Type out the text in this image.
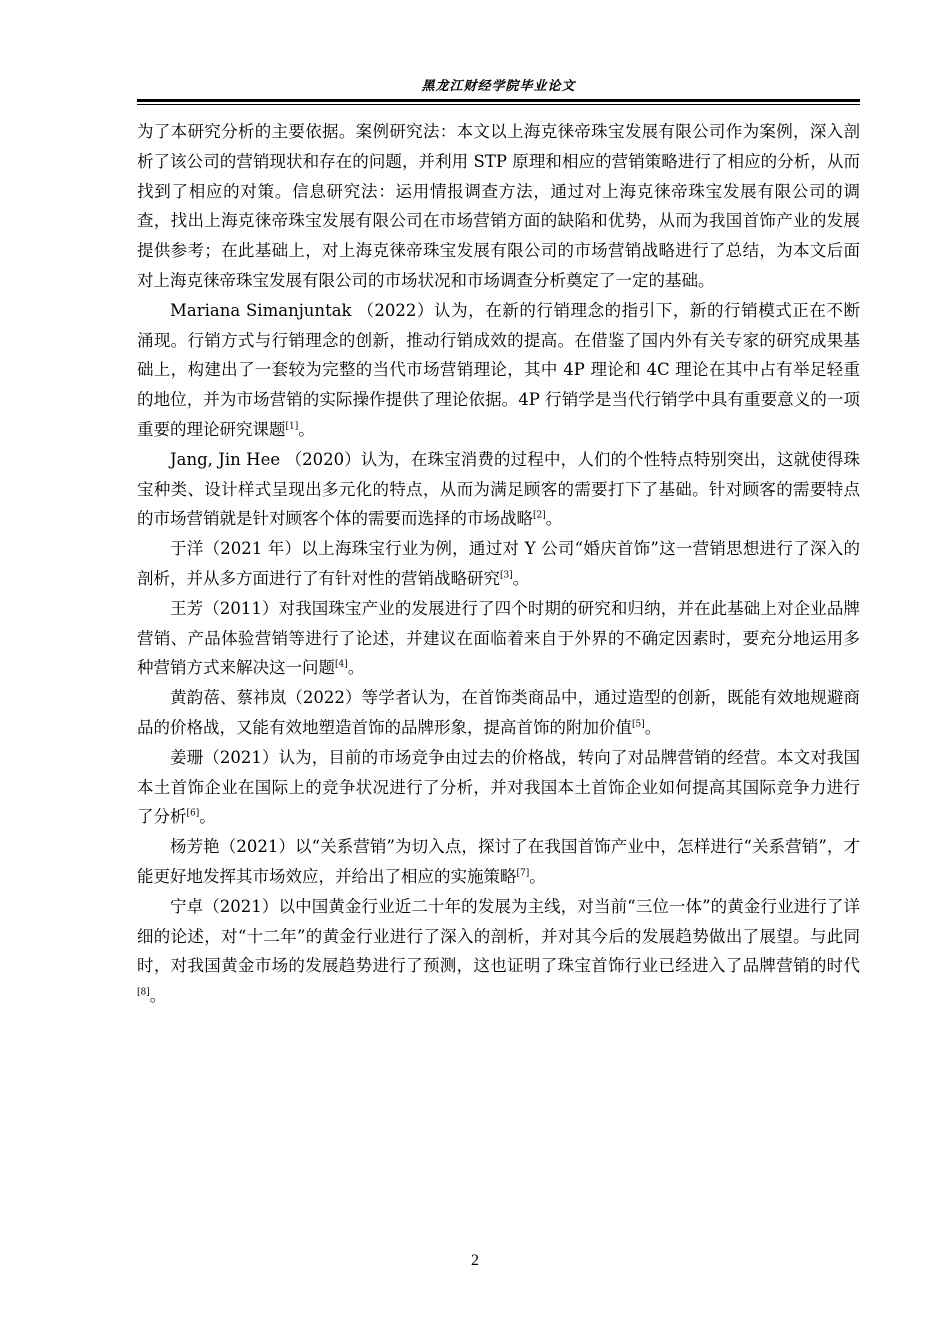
黑龙江财经学院毕业论文

为了本研究分析的主要依据。案例研究法：本文以上海克徕帝珠宝发展有限公司作为案例，深入剖析了该公司的营销现状和存在的问题，并利用 STP 原理和相应的营销策略进行了相应的分析，从而找到了相应的对策。信息研究法：运用情报调查方法，通过对上海克徕帝珠宝发展有限公司的调查，找出上海克徕帝珠宝发展有限公司在市场营销方面的缺陷和优势，从而为我国首饰产业的发展提供参考；在此基础上，对上海克徕帝珠宝发展有限公司的市场营销战略进行了总结，为本文后面对上海克徕帝珠宝发展有限公司的市场状况和市场调查分析奠定了一定的基础。

Mariana Simanjuntak （2022）认为，在新的行销理念的指引下，新的行销模式正在不断涌现。行销方式与行销理念的创新，推动行销成效的提高。在借鉴了国内外有关专家的研究成果基础上，构建出了一套较为完整的当代市场营销理论，其中 4P 理论和 4C 理论在其中占有举足轻重的地位，并为市场营销的实际操作提供了理论依据。4P 行销学是当代行销学中具有重要意义的一项重要的理论研究课题[1]。

Jang, Jin Hee （2020）认为，在珠宝消费的过程中，人们的个性特点特别突出，这就使得珠宝种类、设计样式呈现出多元化的特点，从而为满足顾客的需要打下了基础。针对顾客的需要特点的市场营销就是针对顾客个体的需要而选择的市场战略[2]。

于洋（2021 年）以上海珠宝行业为例，通过对 Y 公司“婚庆首饰”这一营销思想进行了深入的剖析，并从多方面进行了有针对性的营销战略研究[3]。

王芳（2011）对我国珠宝产业的发展进行了四个时期的研究和归纳，并在此基础上对企业品牌营销、产品体验营销等进行了论述，并建议在面临着来自于外界的不确定因素时，要充分地运用多种营销方式来解决这一问题[4]。

黄韵蓓、蔡祎岚（2022）等学者认为，在首饰类商品中，通过造型的创新，既能有效地规避商品的价格战，又能有效地塑造首饰的品牌形象，提高首饰的附加价值[5]。

姜珊（2021）认为，目前的市场竞争由过去的价格战，转向了对品牌营销的经营。本文对我国本土首饰企业在国际上的竞争状况进行了分析，并对我国本土首饰企业如何提高其国际竞争力进行了分析[6]。

杨芳艳（2021）以“关系营销”为切入点，探讨了在我国首饰产业中，怎样进行“关系营销”，才能更好地发挥其市场效应，并给出了相应的实施策略[7]。

宁卓（2021）以中国黄金行业近二十年的发展为主线，对当前“三位一体”的黄金行业进行了详细的论述，对“十二年”的黄金行业进行了深入的剖析，并对其今后的发展趋势做出了展望。与此同时，对我国黄金市场的发展趋势进行了预测，这也证明了珠宝首饰行业已经进入了品牌营销的时代[8]。

2
